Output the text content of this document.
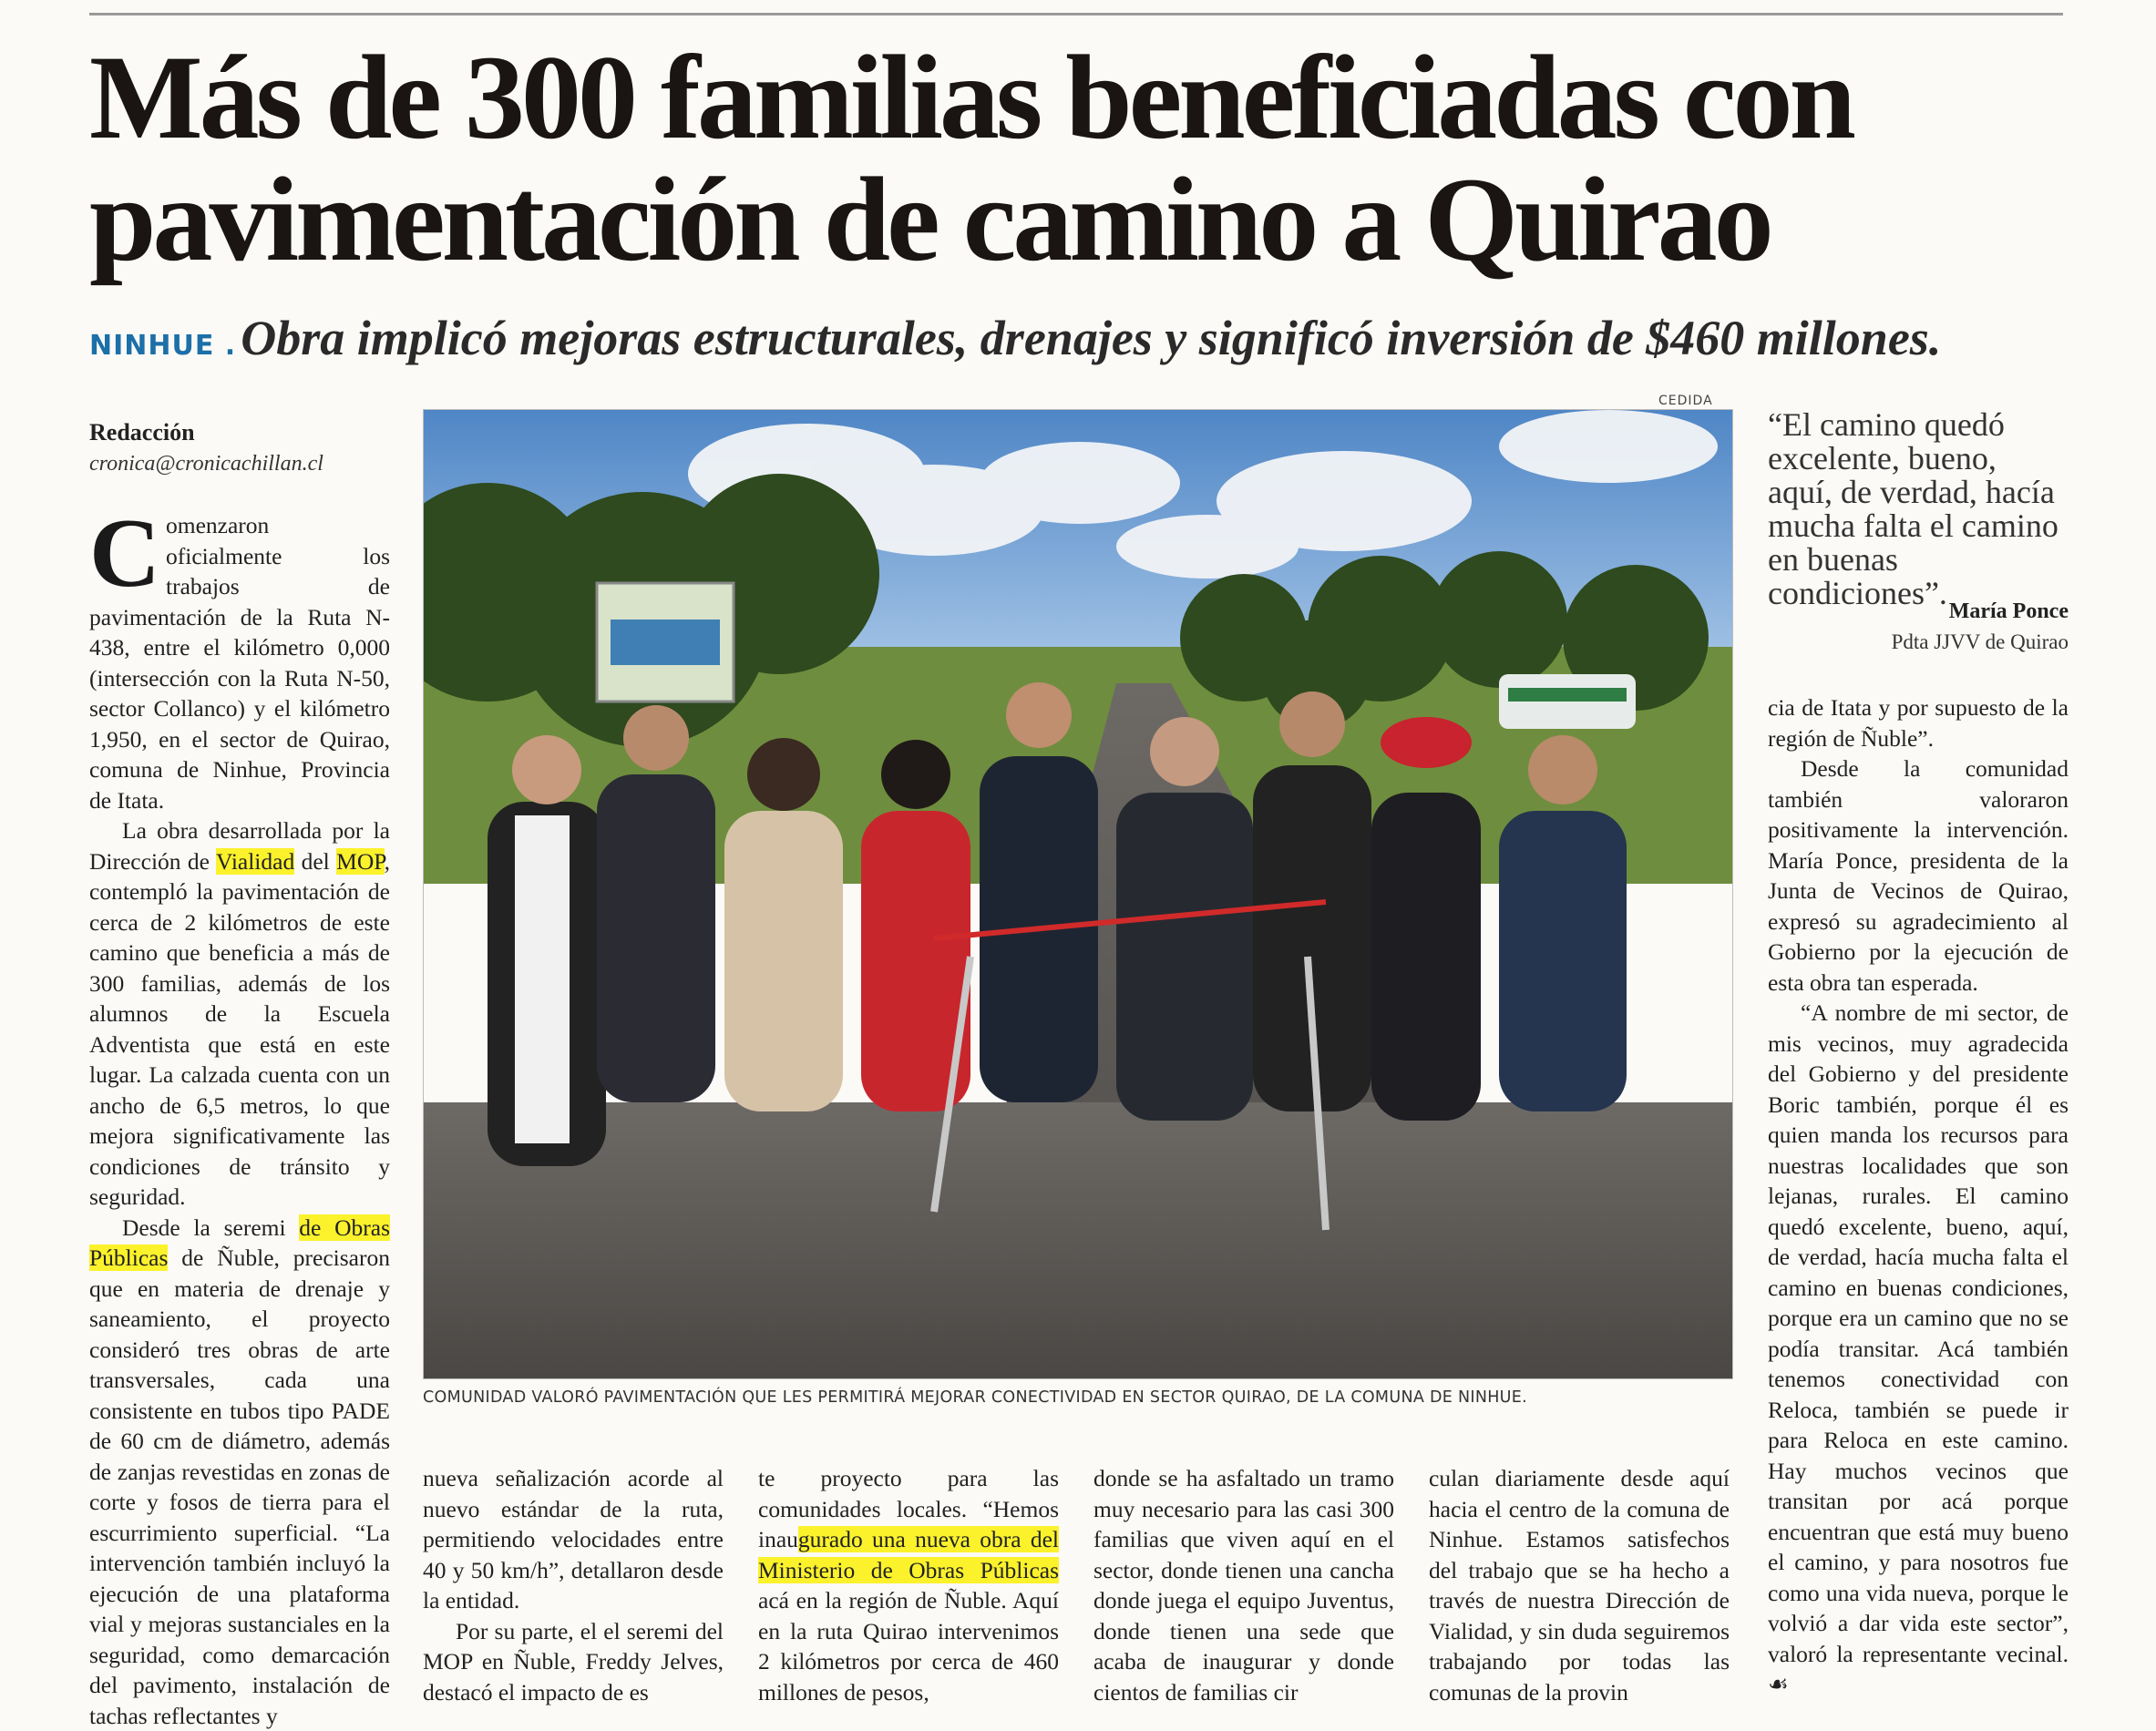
Más de 300 familias beneficiadas con pavimentación de camino a Quirao
NINHUE . Obra implicó mejoras estructurales, drenajes y significó inversión de $460 millones.
Redacción
cronica@cronicachillan.cl

Comenzaron oficialmente los trabajos de pavimentación de la Ruta N-438, entre el kilómetro 0,000 (intersección con la Ruta N-50, sector Collanco) y el kilómetro 1,950, en el sector de Quirao, comuna de Ninhue, Provincia de Itata.

La obra desarrollada por la Dirección de Vialidad del MOP, contempló la pavimentación de cerca de 2 kilómetros de este camino que beneficia a más de 300 familias, además de los alumnos de la Escuela Adventista que está en este lugar. La calzada cuenta con un ancho de 6,5 metros, lo que mejora significativamente las condiciones de tránsito y seguridad.

Desde la seremi de Obras Públicas de Ñuble, precisaron que en materia de drenaje y saneamiento, el proyecto consideró tres obras de arte transversales, cada una consistente en tubos tipo PADE de 60 cm de diámetro, además de zanjas revestidas en zonas de corte y fosos de tierra para el escurrimiento superficial. “La intervención también incluyó la ejecución de una plataforma vial y mejoras sustanciales en la seguridad, como demarcación del pavimento, instalación de tachas reflectantes y

CEDIDA
COMUNIDAD VALORÓ PAVIMENTACIÓN QUE LES PERMITIRÁ MEJORAR CONECTIVIDAD EN SECTOR QUIRAO, DE LA COMUNA DE NINHUE.
“El camino quedó excelente, bueno, aquí, de verdad, hacía mucha falta el camino en buenas condiciones”. María Ponce
Pdta JJVV de Quirao

nueva señalización acorde al nuevo estándar de la ruta, permitiendo velocidades entre 40 y 50 km/h”, detallaron desde la entidad.

Por su parte, el el seremi del MOP en Ñuble, Freddy Jelves, destacó el impacto de es

te proyecto para las comunidades locales. “Hemos inaugurado una nueva obra del Ministerio de Obras Públicas acá en la región de Ñuble. Aquí en la ruta Quirao intervenimos 2 kilómetros por cerca de 460 millones de pesos,

donde se ha asfaltado un tramo muy necesario para las casi 300 familias que viven aquí en el sector, donde tienen una cancha donde juega el equipo Juventus, donde tienen una sede que acaba de inaugurar y donde cientos de familias cir

culan diariamente desde aquí hacia el centro de la comuna de Ninhue. Estamos satisfechos del trabajo que se ha hecho a través de nuestra Dirección de Vialidad, y sin duda seguiremos trabajando por todas las comunas de la provin

cia de Itata y por supuesto de la región de Ñuble”.

Desde la comunidad también valoraron positivamente la intervención. María Ponce, presidenta de la Junta de Vecinos de Quirao, expresó su agradecimiento al Gobierno por la ejecución de esta obra tan esperada.

“A nombre de mi sector, de mis vecinos, muy agradecida del Gobierno y del presidente Boric también, porque él es quien manda los recursos para nuestras localidades que son lejanas, rurales. El camino quedó excelente, bueno, aquí, de verdad, hacía mucha falta el camino en buenas condiciones, porque era un camino que no se podía transitar. Acá también tenemos conectividad con Reloca, también se puede ir para Reloca en este camino. Hay muchos vecinos que transitan por acá porque encuentran que está muy bueno el camino, y para nosotros fue como una vida nueva, porque le volvió a dar vida este sector”, valoró la representante vecinal. ☙
